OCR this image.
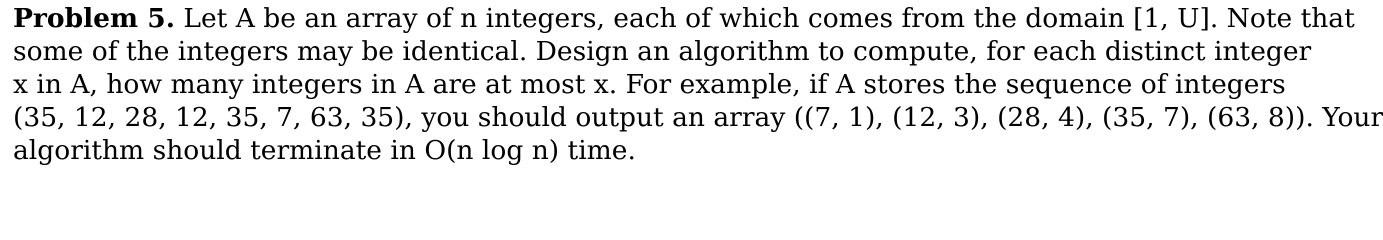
Problem 5. Let A be an array of n integers, each of which comes from the domain [1, U]. Note that
some of the integers may be identical. Design an algorithm to compute, for each distinct integer
x in A, how many integers in A are at most x. For example, if A stores the sequence of integers
(35, 12, 28, 12, 35, 7, 63, 35), you should output an array ((7, 1), (12, 3), (28, 4), (35, 7), (63, 8)). Your
algorithm should terminate in O(n log n) time.
